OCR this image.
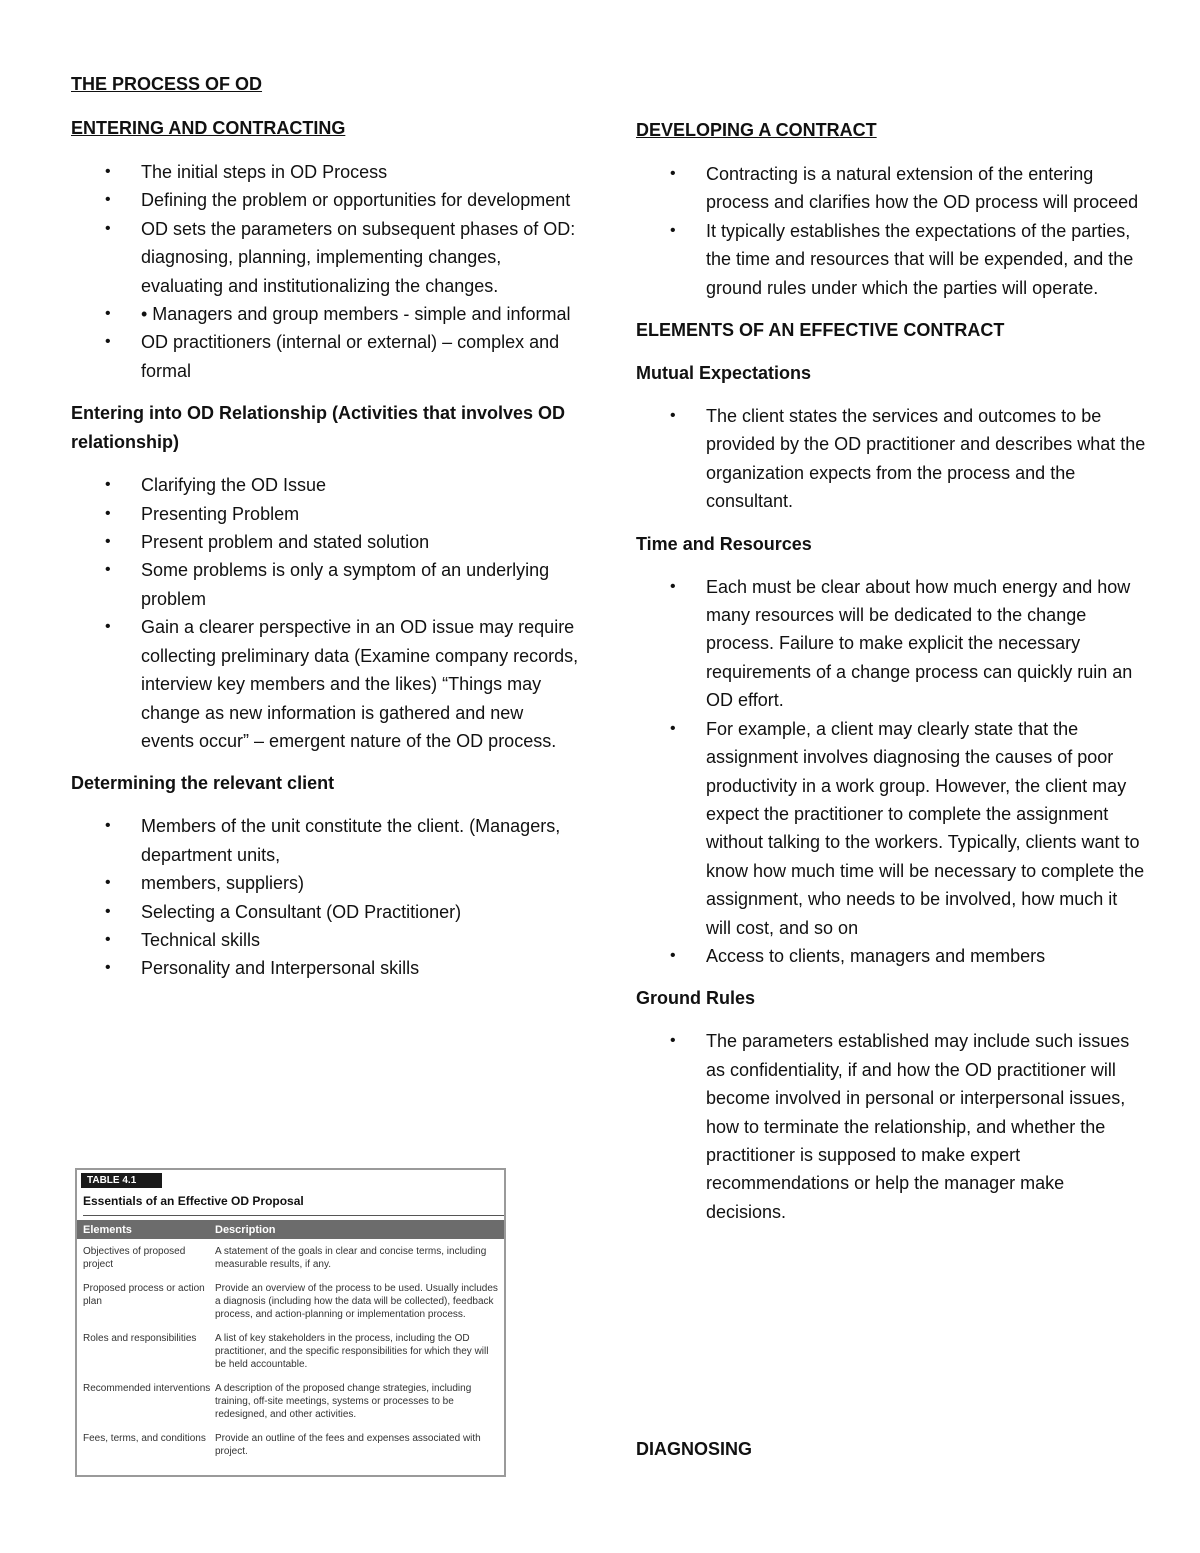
THE PROCESS OF OD

ENTERING AND CONTRACTING

• The initial steps in OD Process
• Defining the problem or opportunities for development
• OD sets the parameters on subsequent phases of OD: diagnosing, planning, implementing changes, evaluating and institutionalizing the changes.
• • Managers and group members - simple and informal
• OD practitioners (internal or external) – complex and formal

Entering into OD Relationship (Activities that involves OD relationship)

• Clarifying the OD Issue
• Presenting Problem
• Present problem and stated solution
• Some problems is only a symptom of an underlying problem
• Gain a clearer perspective in an OD issue may require collecting preliminary data (Examine company records, interview key members and the likes) “Things may change as new information is gathered and new events occur” – emergent nature of the OD process.

Determining the relevant client

• Members of the unit constitute the client. (Managers, department units,
• members, suppliers)
• Selecting a Consultant (OD Practitioner)
• Technical skills
• Personality and Interpersonal skills
TABLE 4.1
Essentials of an Effective OD Proposal
Elements	Description
Objectives of proposed project
A statement of the goals in clear and concise terms, including measurable results, if any.
Proposed process or action plan
Provide an overview of the process to be used. Usually includes a diagnosis (including how the data will be collected), feedback process, and action-planning or implementation process.
Roles and responsibilities	A list of key stakeholders in the process, including the OD practitioner, and the specific responsibilities for which they will be held accountable.
Recommended interventions A description of the proposed change strategies, including training, off-site meetings, systems or processes to be redesigned, and other activities.
Fees, terms, and conditions Provide an outline of the fees and expenses associated with project.

DEVELOPING A CONTRACT

• Contracting is a natural extension of the entering process and clarifies how the OD process will proceed
• It typically establishes the expectations of the parties, the time and resources that will be expended, and the ground rules under which the parties will operate.

ELEMENTS OF AN EFFECTIVE CONTRACT

Mutual Expectations

• The client states the services and outcomes to be provided by the OD practitioner and describes what the organization expects from the process and the consultant.

Time and Resources

• Each must be clear about how much energy and how many resources will be dedicated to the change process. Failure to make explicit the necessary requirements of a change process can quickly ruin an OD effort.
• For example, a client may clearly state that the assignment involves diagnosing the causes of poor productivity in a work group. However, the client may expect the practitioner to complete the assignment without talking to the workers. Typically, clients want to know how much time will be necessary to complete the assignment, who needs to be involved, how much it will cost, and so on
• Access to clients, managers and members

Ground Rules

• The parameters established may include such issues as confidentiality, if and how the OD practitioner will become involved in personal or interpersonal issues, how to terminate the relationship, and whether the practitioner is supposed to make expert recommendations or help the manager make decisions.

DIAGNOSING
